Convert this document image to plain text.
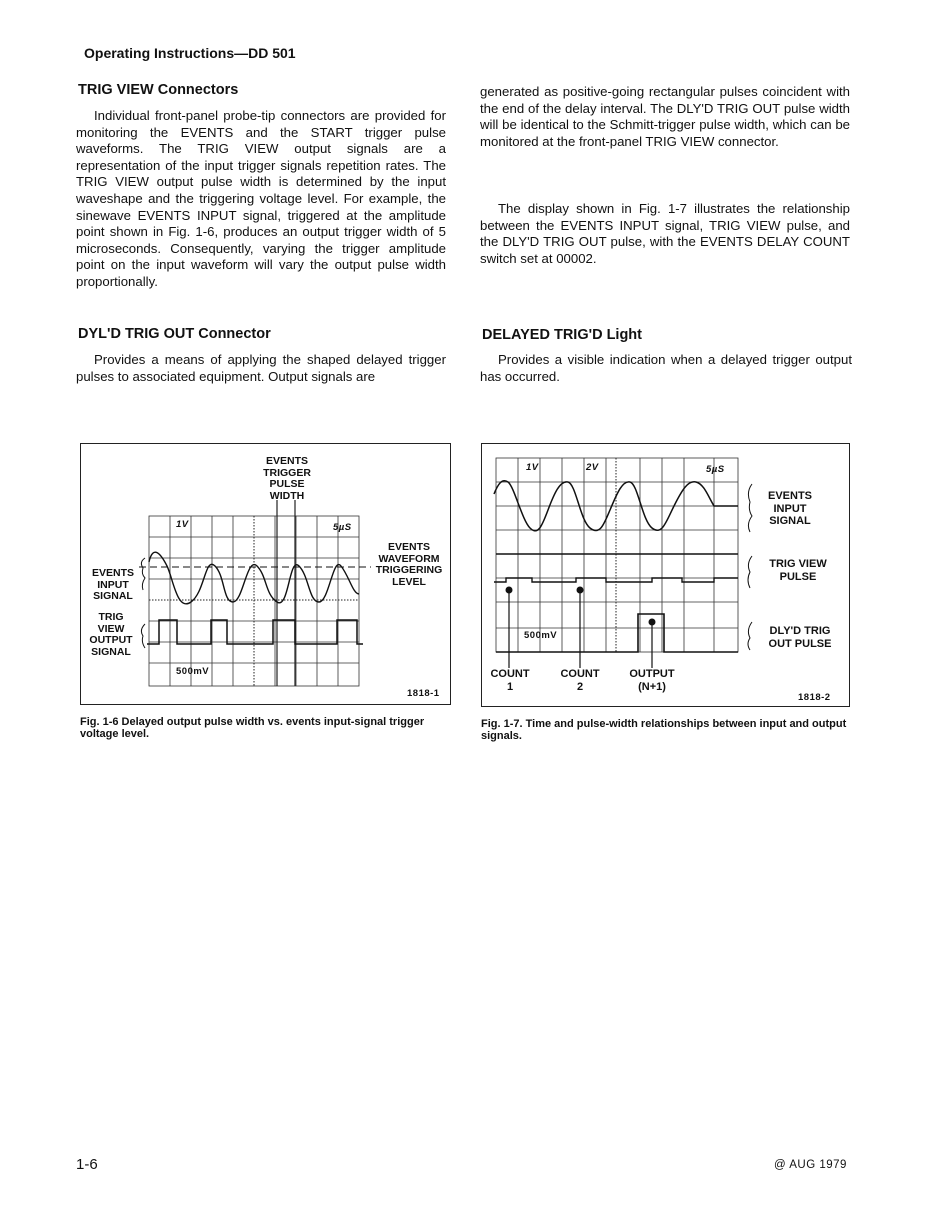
Operating Instructions—DD 501
TRIG VIEW Connectors
Individual front-panel probe-tip connectors are provided for monitoring the EVENTS and the START trigger pulse waveforms. The TRIG VIEW output signals are a representation of the input trigger signals repetition rates. The TRIG VIEW output pulse width is determined by the input waveshape and the triggering voltage level. For example, the sinewave EVENTS INPUT signal, triggered at the amplitude point shown in Fig. 1-6, produces an output trigger width of 5 microseconds. Consequently, varying the trigger amplitude point on the input waveform will vary the output pulse width proportionally.
DYL'D TRIG OUT Connector
Provides a means of applying the shaped delayed trigger pulses to associated equipment. Output signals are
generated as positive-going rectangular pulses coincident with the end of the delay interval. The DLY'D TRIG OUT pulse width will be identical to the Schmitt-trigger pulse width, which can be monitored at the front-panel TRIG VIEW connector.
The display shown in Fig. 1-7 illustrates the relationship between the EVENTS INPUT signal, TRIG VIEW pulse, and the DLY'D TRIG OUT pulse, with the EVENTS DELAY COUNT switch set at 00002.
DELAYED TRIG'D Light
Provides a visible indication when a delayed trigger output has occurred.
EVENTS
TRIGGER
PULSE
WIDTH
1V	5µS
500mV
EVENTS
INPUT
SIGNAL
TRIG
VIEW
OUTPUT
SIGNAL
EVENTS
WAVEFORM
TRIGGERING
LEVEL
1818-1
Fig. 1-6 Delayed output pulse width vs. events input-signal trigger voltage level.
1V	2V	5µS
500mV
EVENTS
INPUT
SIGNAL
TRIG VIEW
PULSE
DLY'D TRIG
OUT PULSE
COUNT
1
COUNT
2
OUTPUT
(N+1)
1818-2
Fig. 1-7. Time and pulse-width relationships between input and output signals.
1-6	@ AUG 1979
